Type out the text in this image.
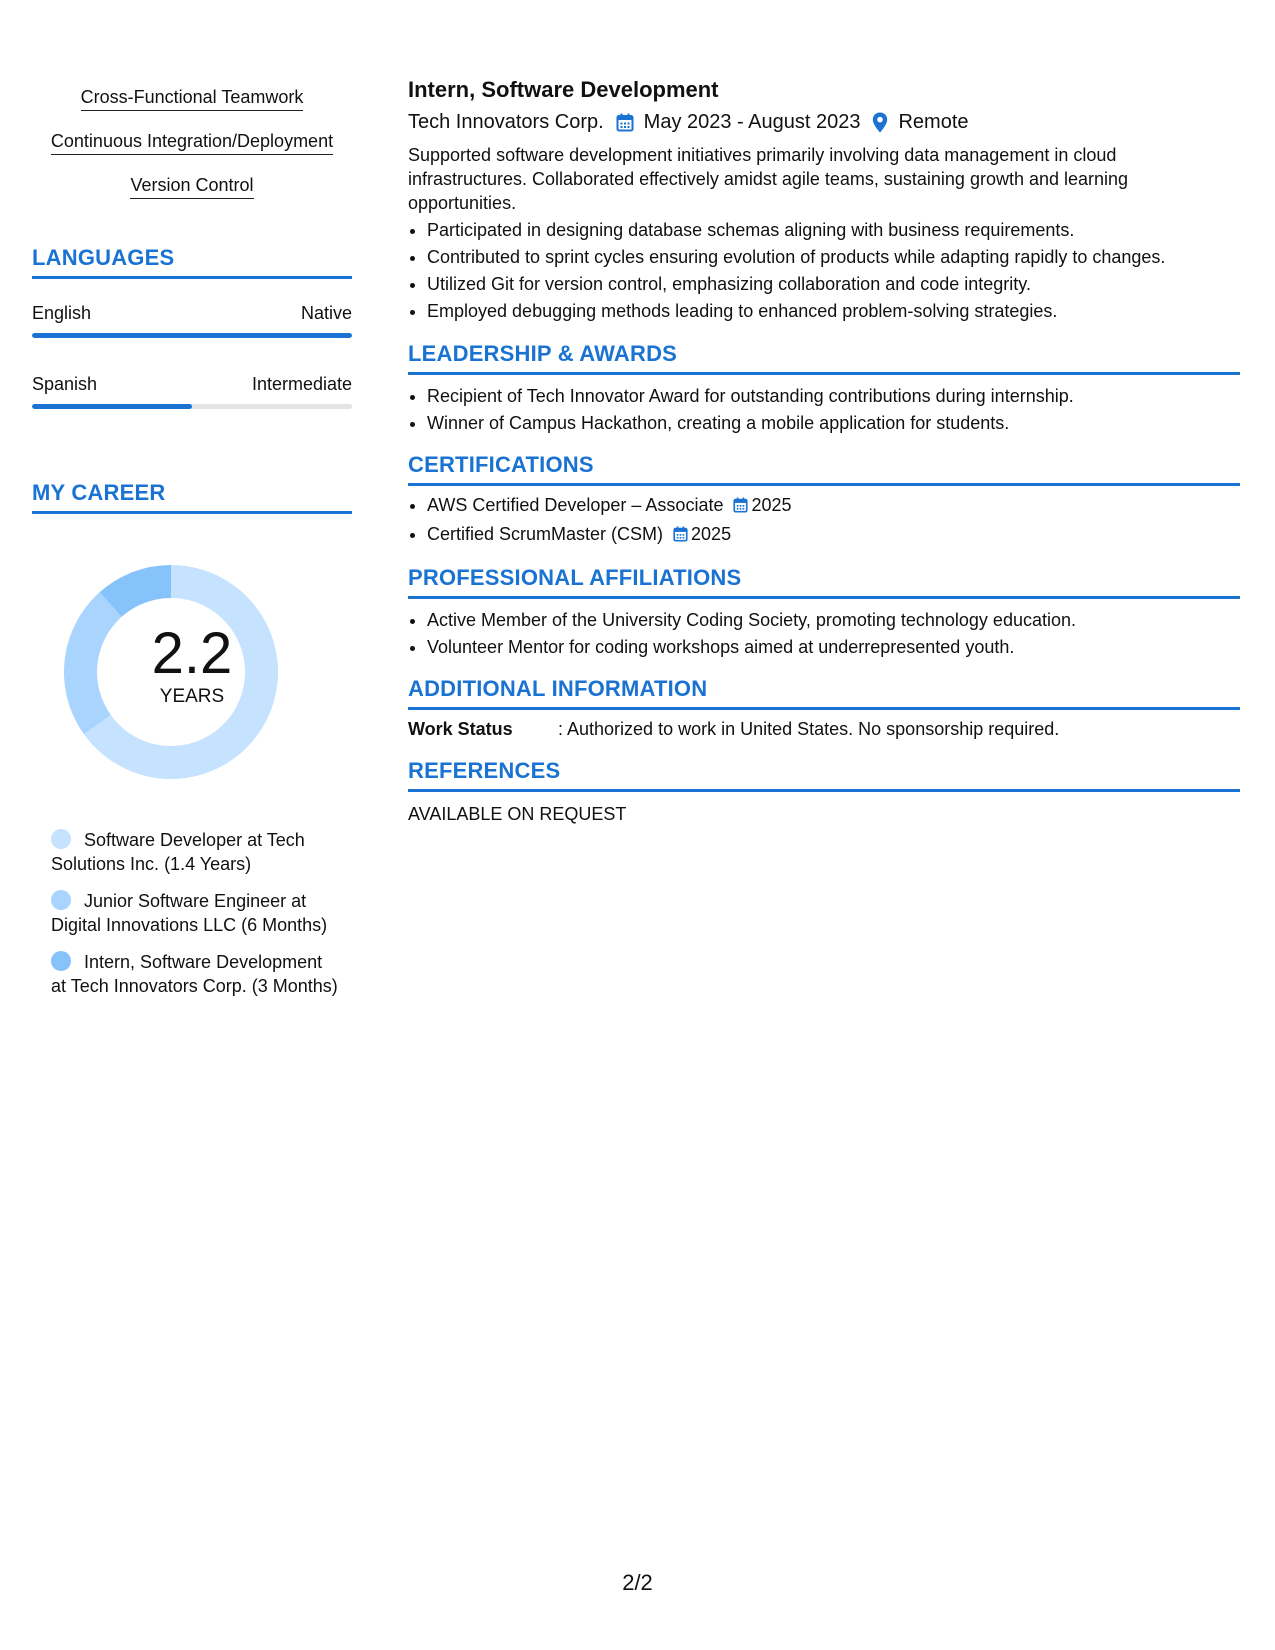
Cross-Functional Teamwork
Continuous Integration/Deployment
Version Control
LANGUAGES
English	Native
Spanish	Intermediate
MY CAREER
2.2
YEARS
Software Developer at Tech Solutions Inc. (1.4 Years)
Junior Software Engineer at Digital Innovations LLC (6 Months)
Intern, Software Development at Tech Innovators Corp. (3 Months)
Intern, Software Development
Tech Innovators Corp. May 2023 - August 2023 Remote
Supported software development initiatives primarily involving data management in cloud infrastructures. Collaborated effectively amidst agile teams, sustaining growth and learning opportunities.
• Participated in designing database schemas aligning with business requirements.
• Contributed to sprint cycles ensuring evolution of products while adapting rapidly to changes.
• Utilized Git for version control, emphasizing collaboration and code integrity.
• Employed debugging methods leading to enhanced problem-solving strategies.
LEADERSHIP & AWARDS
• Recipient of Tech Innovator Award for outstanding contributions during internship.
• Winner of Campus Hackathon, creating a mobile application for students.
CERTIFICATIONS
• AWS Certified Developer – Associate 2025
• Certified ScrumMaster (CSM) 2025
PROFESSIONAL AFFILIATIONS
• Active Member of the University Coding Society, promoting technology education.
• Volunteer Mentor for coding workshops aimed at underrepresented youth.
ADDITIONAL INFORMATION
Work Status	: Authorized to work in United States. No sponsorship required.
REFERENCES
AVAILABLE ON REQUEST
2/2
